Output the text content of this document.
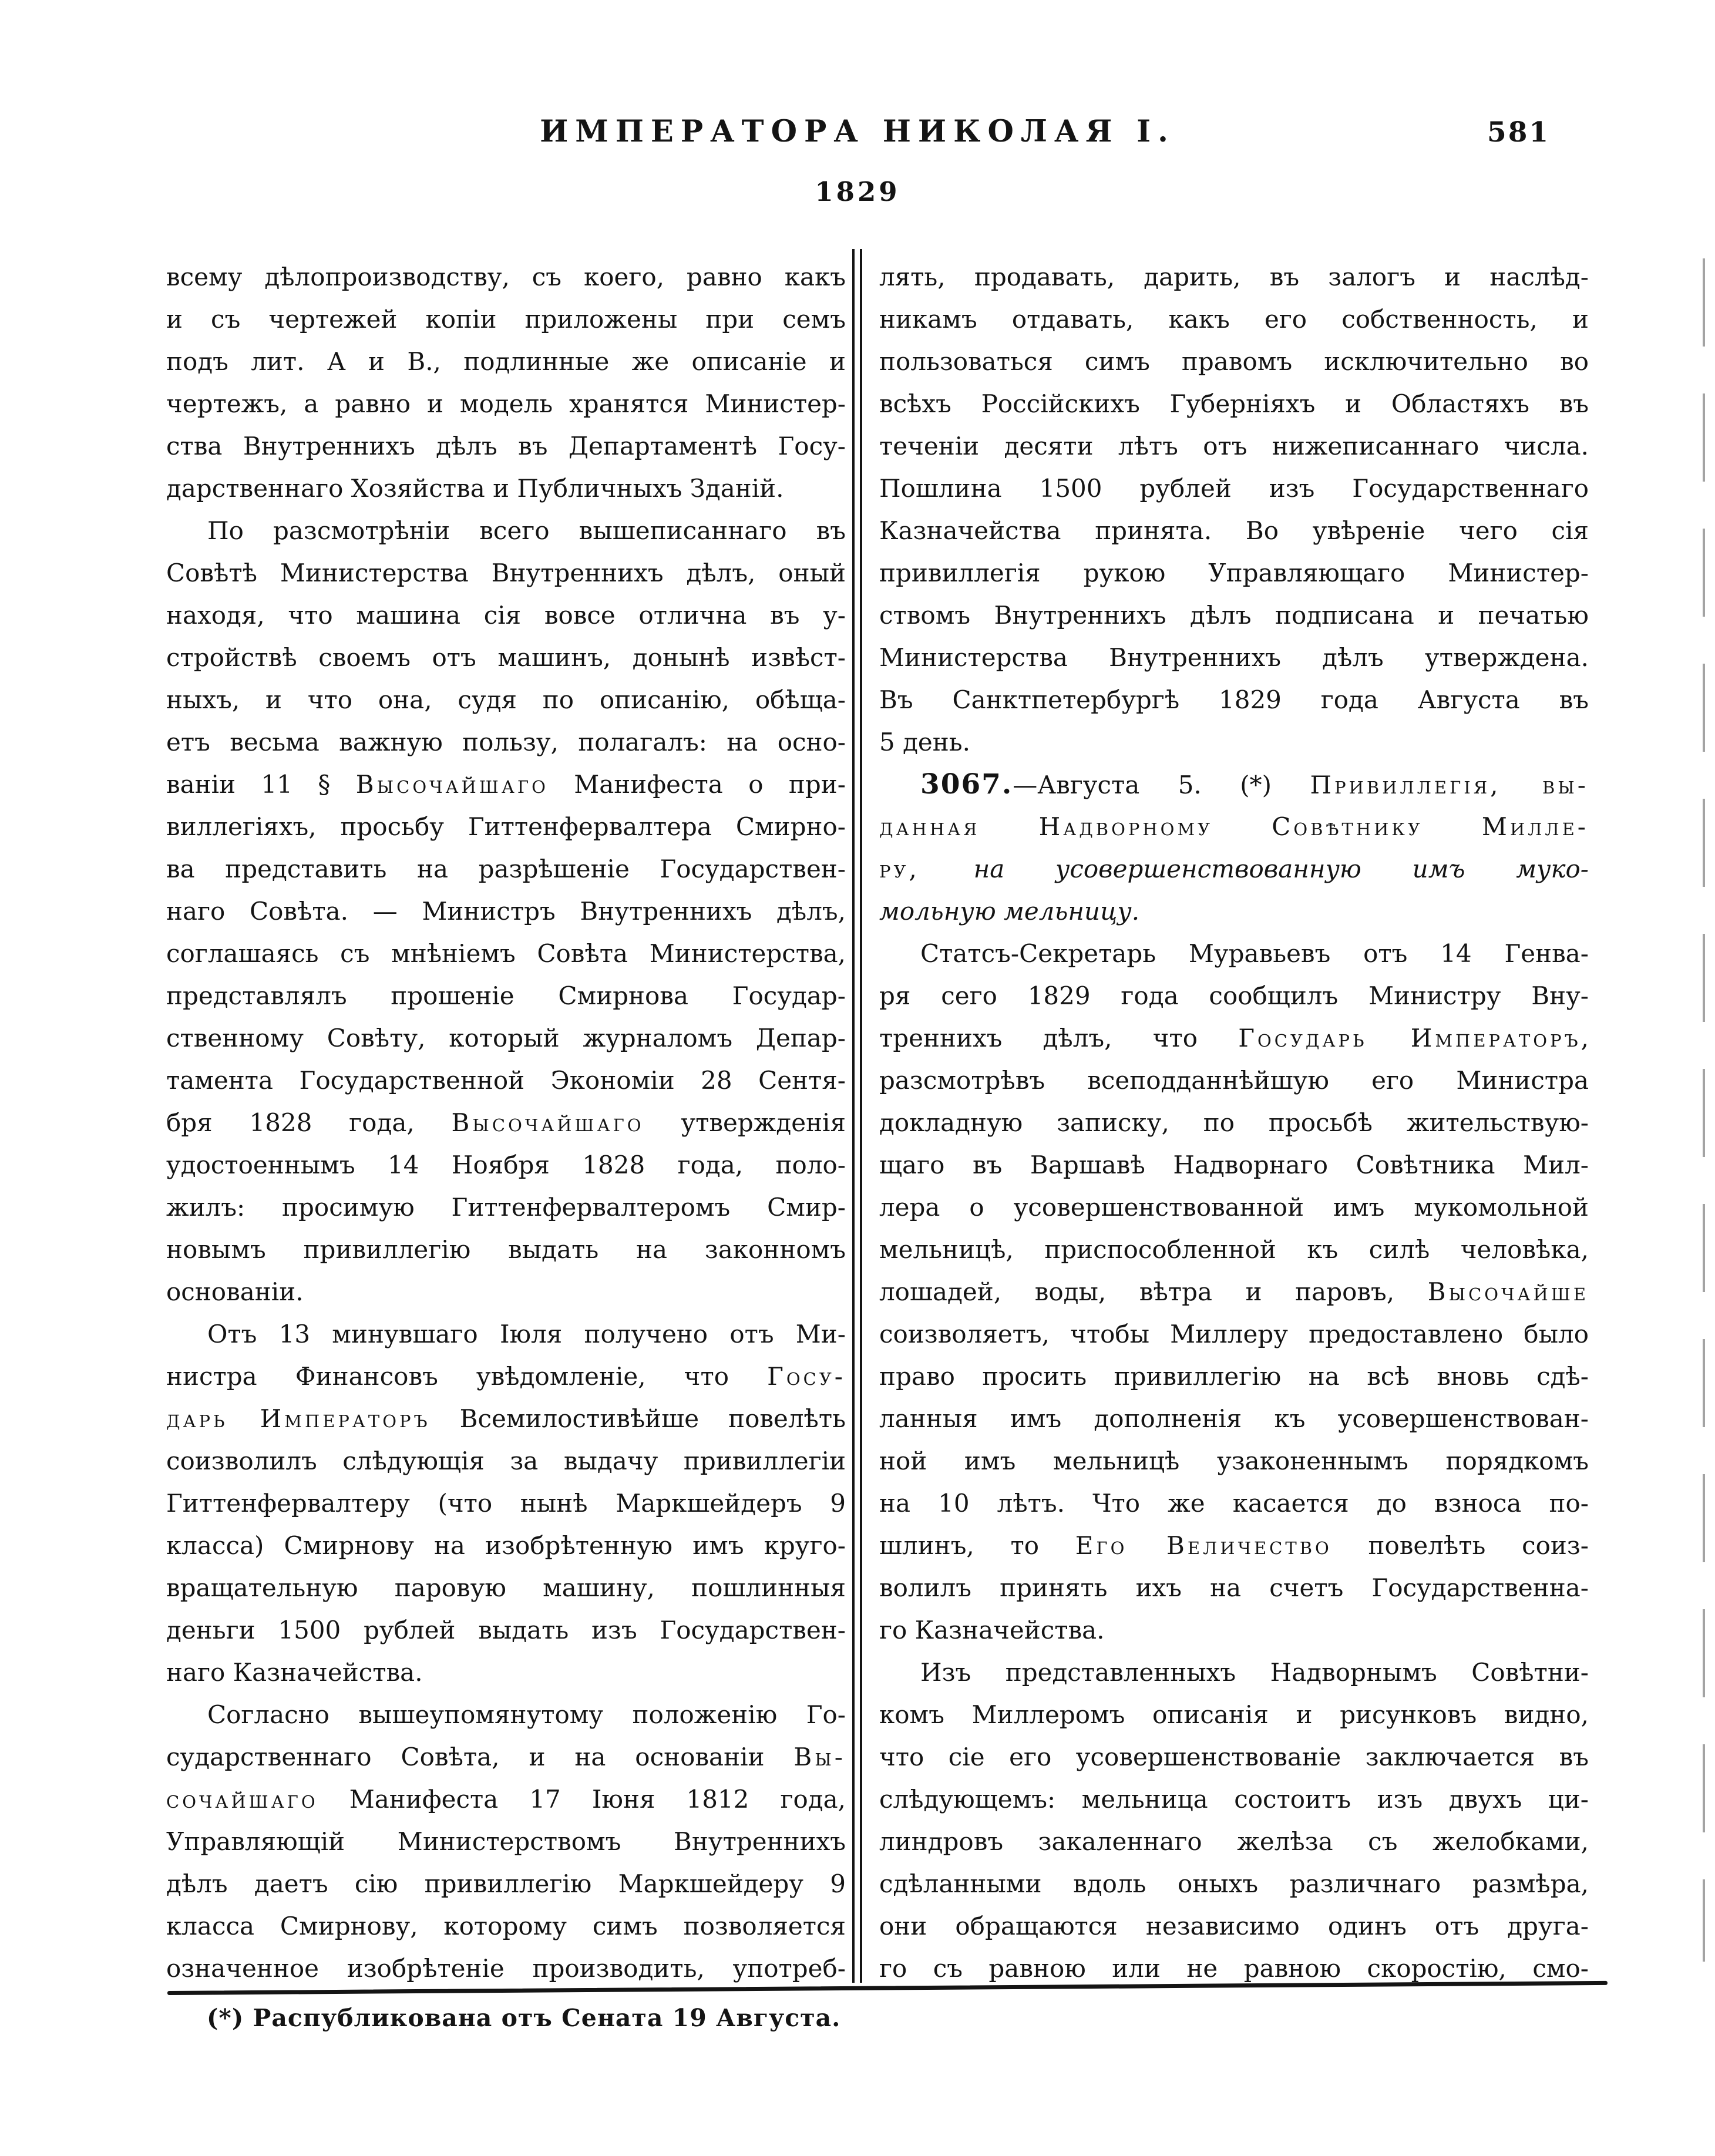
ИМПЕРАТОРА НИКОЛАЯ I.	581
1829
всему дѣлопроизводству, съ коего, равно какъ
и съ чертежей копіи приложены при семъ
подъ лит. А и В., подлинные же описаніе и
чертежъ, а равно и модель хранятся Министер-
ства Внутреннихъ дѣлъ въ Департаментѣ Госу-
дарственнаго Хозяйства и Публичныхъ Зданій.
По разсмотрѣніи всего вышеписаннаго въ
Совѣтѣ Министерства Внутреннихъ дѣлъ, оный
находя, что машина сія вовсе отлична въ у-
стройствѣ своемъ отъ машинъ, донынѣ извѣст-
ныхъ, и что она, судя по описанію, обѣща-
етъ весьма важную пользу, полагалъ: на осно-
ваніи 11 § Высочайшаго Манифеста о при-
виллегіяхъ, просьбу Гиттенфервалтера Смирно-
ва представить на разрѣшеніе Государствен-
наго Совѣта. — Министръ Внутреннихъ дѣлъ,
соглашаясь съ мнѣніемъ Совѣта Министерства,
представлялъ прошеніе Смирнова Государ-
ственному Совѣту, который журналомъ Депар-
тамента Государственной Экономіи 28 Сентя-
бря 1828 года, Высочайшаго утвержденія
удостоеннымъ 14 Ноября 1828 года, поло-
жилъ: просимую Гиттенфервалтеромъ Смир-
новымъ привиллегію выдать на законномъ
основаніи.
Отъ 13 минувшаго Іюля получено отъ Ми-
нистра Финансовъ увѣдомленіе, что Госу-
дарь Императоръ Всемилостивѣйше повелѣть
соизволилъ слѣдующія за выдачу привиллегіи
Гиттенфервалтеру (что нынѣ Маркшейдеръ 9
класса) Смирнову на изобрѣтенную имъ круго-
вращательную паровую машину, пошлинныя
деньги 1500 рублей выдать изъ Государствен-
наго Казначейства.
Согласно вышеупомянутому положенію Го-
сударственнаго Совѣта, и на основаніи Вы-
сочайшаго Манифеста 17 Іюня 1812 года,
Управляющій Министерствомъ Внутреннихъ
дѣлъ даетъ сію привиллегію Маркшейдеру 9
класса Смирнову, которому симъ позволяется
означенное изобрѣтеніе производить, употреб-
лять, продавать, дарить, въ залогъ и наслѣд-
никамъ отдавать, какъ его собственность, и
пользоваться симъ правомъ исключительно во
всѣхъ Россійскихъ Губерніяхъ и Областяхъ въ
теченіи десяти лѣтъ отъ нижеписаннаго числа.
Пошлина 1500 рублей изъ Государственнаго
Казначейства принята. Во увѣреніе чего сія
привиллегія рукою Управляющаго Министер-
ствомъ Внутреннихъ дѣлъ подписана и печатью
Министерства Внутреннихъ дѣлъ утверждена.
Въ Санктпетербургѣ 1829 года Августа въ
5 день.
3067.—Августа 5. (*) Привиллегія, вы-
данная Надворному Совѣтнику Милле-
ру, на усовершенствованную имъ муко-
мольную мельницу.
Статсъ-Секретарь Муравьевъ отъ 14 Генва-
ря сего 1829 года сообщилъ Министру Вну-
треннихъ дѣлъ, что Государь Императоръ,
разсмотрѣвъ всеподданнѣйшую его Министра
докладную записку, по просьбѣ жительствую-
щаго въ Варшавѣ Надворнаго Совѣтника Мил-
лера о усовершенствованной имъ мукомольной
мельницѣ, приспособленной къ силѣ человѣка,
лошадей, воды, вѣтра и паровъ, Высочайше
соизволяетъ, чтобы Миллеру предоставлено было
право просить привиллегію на всѣ вновь сдѣ-
ланныя имъ дополненія къ усовершенствован-
ной имъ мельницѣ узаконеннымъ порядкомъ
на 10 лѣтъ. Что же касается до взноса по-
шлинъ, то Его Величество повелѣть соиз-
волилъ принять ихъ на счетъ Государственна-
го Казначейства.
Изъ представленныхъ Надворнымъ Совѣтни-
комъ Миллеромъ описанія и рисунковъ видно,
что сіе его усовершенствованіе заключается въ
слѣдующемъ: мельница состоитъ изъ двухъ ци-
линдровъ закаленнаго желѣза съ желобками,
сдѣланными вдоль оныхъ различнаго размѣра,
они обращаются независимо одинъ отъ друга-
го съ равною или не равною скоростію, смо-
(*) Распубликована отъ Сената 19 Августа.
